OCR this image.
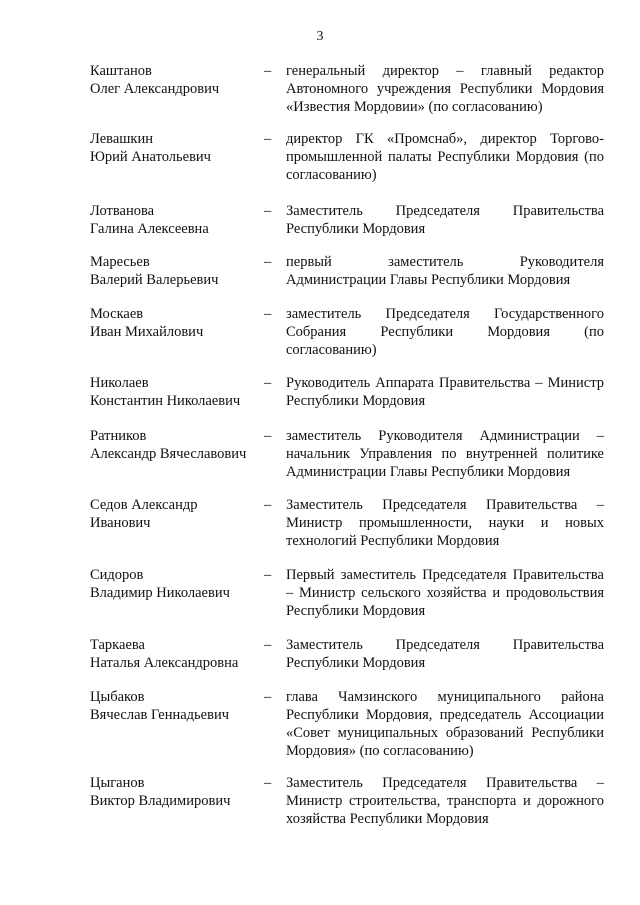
3
Каштанов
Олег Александрович
–	генеральный директор – главный редактор
Автономного учреждения Республики Мордовия
«Известия Мордовии» (по согласованию)
Левашкин
Юрий Анатольевич
–	директор ГК «Промснаб», директор Торгово-
промышленной палаты Республики Мордовия (по
согласованию)
Лотванова
Галина Алексеевна
–	Заместитель Председателя Правительства
Республики Мордовия
Маресьев
Валерий Валерьевич
–	первый заместитель Руководителя
Администрации Главы Республики Мордовия
Москаев
Иван Михайлович
–	заместитель Председателя Государственного
Собрания Республики Мордовия (по
согласованию)
Николаев
Константин Николаевич
–	Руководитель Аппарата Правительства – Министр
Республики Мордовия
Ратников
Александр Вячеславович
–	заместитель Руководителя Администрации –
начальник Управления по внутренней политике
Администрации Главы Республики Мордовия
Седов Александр
Иванович
–	Заместитель Председателя Правительства –
Министр промышленности, науки и новых
технологий Республики Мордовия
Сидоров
Владимир Николаевич
–	Первый заместитель Председателя Правительства
– Министр сельского хозяйства и продовольствия
Республики Мордовия
Таркаева
Наталья Александровна
–	Заместитель Председателя Правительства
Республики Мордовия
Цыбаков
Вячеслав Геннадьевич
–	глава Чамзинского муниципального района
Республики Мордовия, председатель Ассоциации
«Совет муниципальных образований Республики
Мордовия» (по согласованию)
Цыганов
Виктор Владимирович
–	Заместитель Председателя Правительства –
Министр строительства, транспорта и дорожного
хозяйства Республики Мордовия
